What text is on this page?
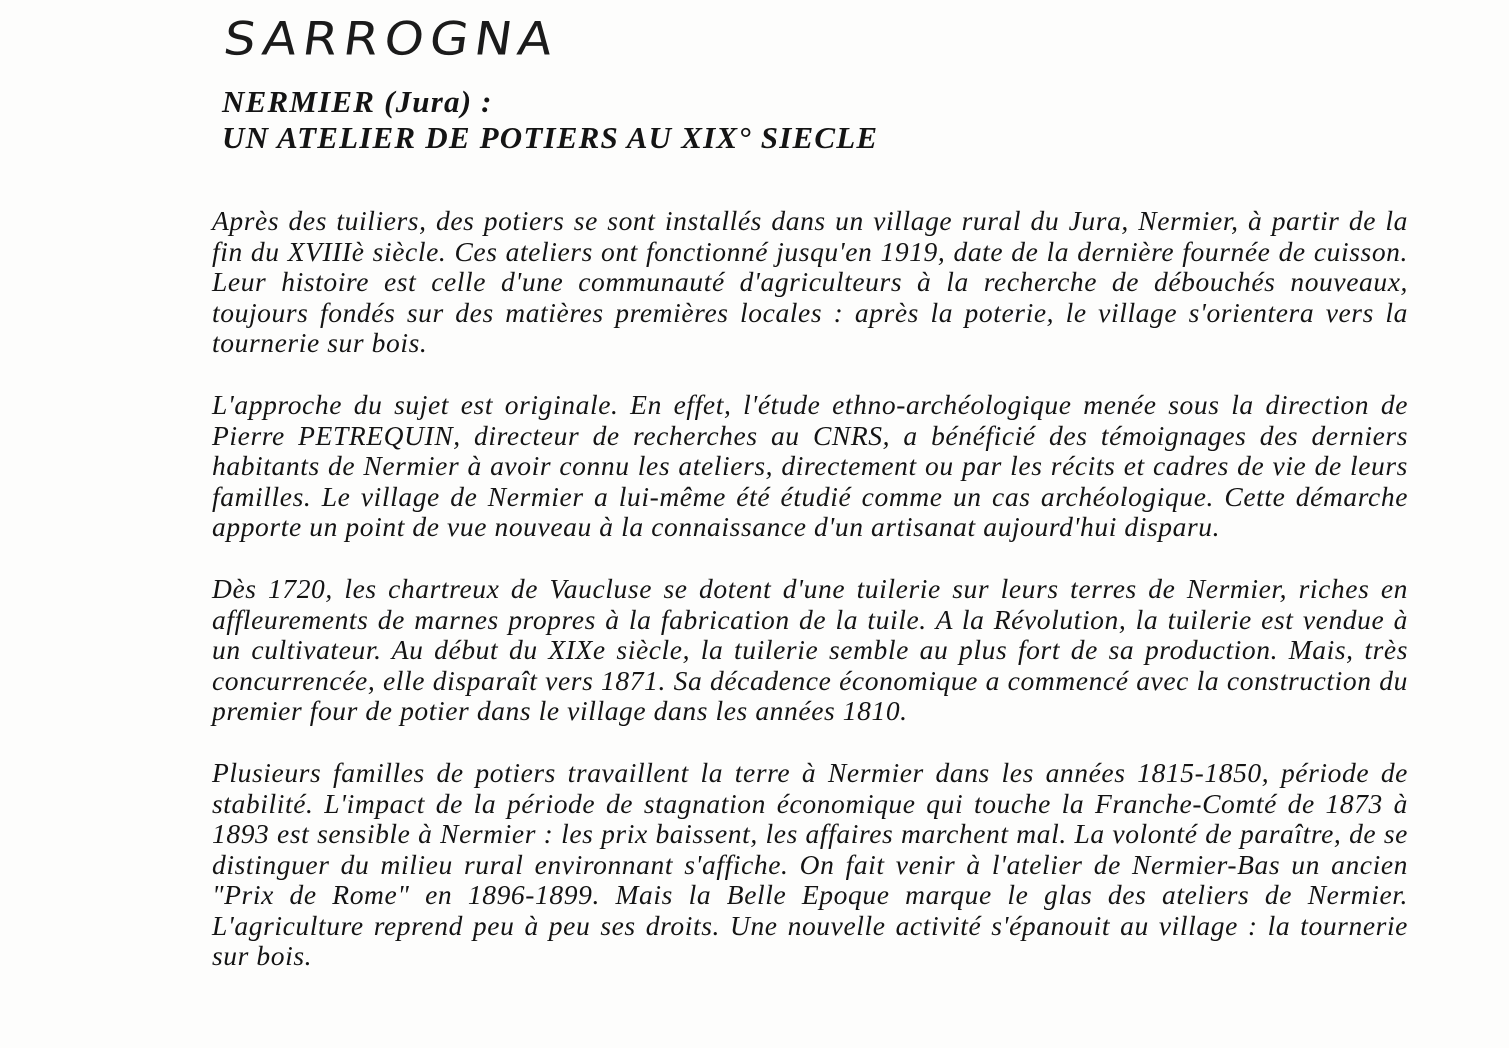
SARROGNA
NERMIER (Jura) :
UN ATELIER DE POTIERS AU XIX° SIECLE

Après des tuiliers, des potiers se sont installés dans un village rural du Jura, Nermier, à partir de la fin du XVIIIè siècle. Ces ateliers ont fonctionné jusqu'en 1919, date de la dernière fournée de cuisson. Leur histoire est celle d'une communauté d'agriculteurs à la recherche de débouchés nouveaux, toujours fondés sur des matières premières locales : après la poterie, le village s'orientera vers la tournerie sur bois.

L'approche du sujet est originale. En effet, l'étude ethno-archéologique menée sous la direction de Pierre PETREQUIN, directeur de recherches au CNRS, a bénéficié des témoignages des derniers habitants de Nermier à avoir connu les ateliers, directement ou par les récits et cadres de vie de leurs familles. Le village de Nermier a lui-même été étudié comme un cas archéologique. Cette démarche apporte un point de vue nouveau à la connaissance d'un artisanat aujourd'hui disparu.

Dès 1720, les chartreux de Vaucluse se dotent d'une tuilerie sur leurs terres de Nermier, riches en affleurements de marnes propres à la fabrication de la tuile. A la Révolution, la tuilerie est vendue à un cultivateur. Au début du XIXe siècle, la tuilerie semble au plus fort de sa production. Mais, très concurrencée, elle disparaît vers 1871. Sa décadence économique a commencé avec la construction du premier four de potier dans le village dans les années 1810.

Plusieurs familles de potiers travaillent la terre à Nermier dans les années 1815-1850, période de stabilité. L'impact de la période de stagnation économique qui touche la Franche-Comté de 1873 à 1893 est sensible à Nermier : les prix baissent, les affaires marchent mal. La volonté de paraître, de se distinguer du milieu rural environnant s'affiche. On fait venir à l'atelier de Nermier-Bas un ancien "Prix de Rome" en 1896-1899. Mais la Belle Epoque marque le glas des ateliers de Nermier. L'agriculture reprend peu à peu ses droits. Une nouvelle activité s'épanouit au village : la tournerie sur bois.
